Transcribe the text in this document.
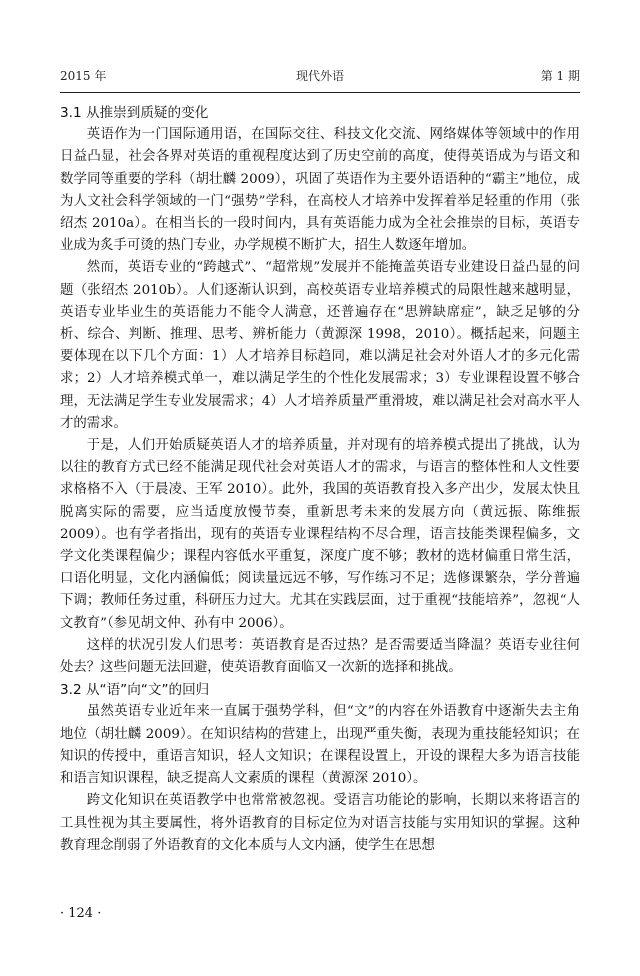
2015 年	现代外语	第 1 期
3.1 从推崇到质疑的变化

英语作为一门国际通用语，在国际交往、科技文化交流、网络媒体等领域中的作用日益凸显，社会各界对英语的重视程度达到了历史空前的高度，使得英语成为与语文和数学同等重要的学科（胡壮麟 2009），巩固了英语作为主要外语语种的“霸主”地位，成为人文社会科学领域的一门“强势”学科，在高校人才培养中发挥着举足轻重的作用（张绍杰 2010a）。在相当长的一段时间内，具有英语能力成为全社会推崇的目标，英语专业成为炙手可烫的热门专业，办学规模不断扩大，招生人数逐年增加。

然而，英语专业的“跨越式”、“超常规”发展并不能掩盖英语专业建设日益凸显的问题（张绍杰 2010b）。人们逐渐认识到，高校英语专业培养模式的局限性越来越明显，英语专业毕业生的英语能力不能令人满意，还普遍存在“思辨缺席症”，缺乏足够的分析、综合、判断、推理、思考、辨析能力（黄源深 1998，2010）。概括起来，问题主要体现在以下几个方面：1）人才培养目标趋同，难以满足社会对外语人才的多元化需求；2）人才培养模式单一，难以满足学生的个性化发展需求；3）专业课程设置不够合理，无法满足学生专业发展需求；4）人才培养质量严重滑坡，难以满足社会对高水平人才的需求。

于是，人们开始质疑英语人才的培养质量，并对现有的培养模式提出了挑战，认为以往的教育方式已经不能满足现代社会对英语人才的需求，与语言的整体性和人文性要求格格不入（于晨凌、王军 2010）。此外，我国的英语教育投入多产出少，发展太快且脱离实际的需要，应当适度放慢节奏，重新思考未来的发展方向（黄远振、陈维振 2009）。也有学者指出，现有的英语专业课程结构不尽合理，语言技能类课程偏多，文学文化类课程偏少；课程内容低水平重复，深度广度不够；教材的选材偏重日常生活，口语化明显，文化内涵偏低；阅读量远远不够，写作练习不足；选修课繁杂，学分普遍下调；教师任务过重，科研压力过大。尤其在实践层面，过于重视“技能培养”，忽视“人文教育”（参见胡文仲、孙有中 2006）。

这样的状况引发人们思考：英语教育是否过热？是否需要适当降温？英语专业往何处去？这些问题无法回避，使英语教育面临又一次新的选择和挑战。

3.2 从“语”向“文”的回归

虽然英语专业近年来一直属于强势学科，但“文”的内容在外语教育中逐渐失去主角地位（胡壮麟 2009）。在知识结构的营建上，出现严重失衡，表现为重技能轻知识；在知识的传授中，重语言知识，轻人文知识；在课程设置上，开设的课程大多为语言技能和语言知识课程，缺乏提高人文素质的课程（黄源深 2010）。

跨文化知识在英语教学中也常常被忽视。受语言功能论的影响，长期以来将语言的工具性视为其主要属性，将外语教育的目标定位为对语言技能与实用知识的掌握。这种教育理念削弱了外语教育的文化本质与人文内涵，使学生在思想

· 124 ·
